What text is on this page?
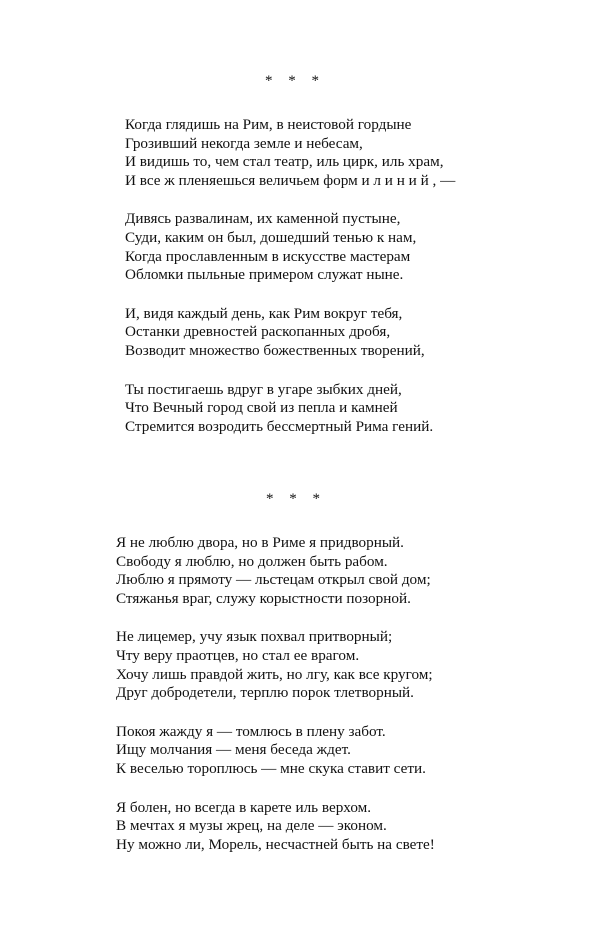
* * *
Когда глядишь на Рим, в неистовой гордыне
Грозивший некогда земле и небесам,
И видишь то, чем стал театр, иль цирк, иль храм,
И все ж пленяешься величьем форм и л и н и й , —
Дивясь развалинам, их каменной пустыне,
Суди, каким он был, дошедший тенью к нам,
Когда прославленным в искусстве мастерам
Обломки пыльные примером служат ныне.
И, видя каждый день, как Рим вокруг тебя,
Останки древностей раскопанных дробя,
Возводит множество божественных творений,
Ты постигаешь вдруг в угаре зыбких дней,
Что Вечный город свой из пепла и камней
Стремится возродить бессмертный Рима гений.
* * *
Я не люблю двора, но в Риме я придворный.
Свободу я люблю, но должен быть рабом.
Люблю я прямоту — льстецам открыл свой дом;
Стяжанья враг, служу корыстности позорной.
Не лицемер, учу язык похвал притворный;
Чту веру праотцев, но стал ее врагом.
Хочу лишь правдой жить, но лгу, как все кругом;
Друг добродетели, терплю порок тлетворный.
Покоя жажду я — томлюсь в плену забот.
Ищу молчания — меня беседа ждет.
К веселью тороплюсь — мне скука ставит сети.
Я болен, но всегда в карете иль верхом.
В мечтах я музы жрец, на деле — эконом.
Ну можно ли, Морель, несчастней быть на свете!
